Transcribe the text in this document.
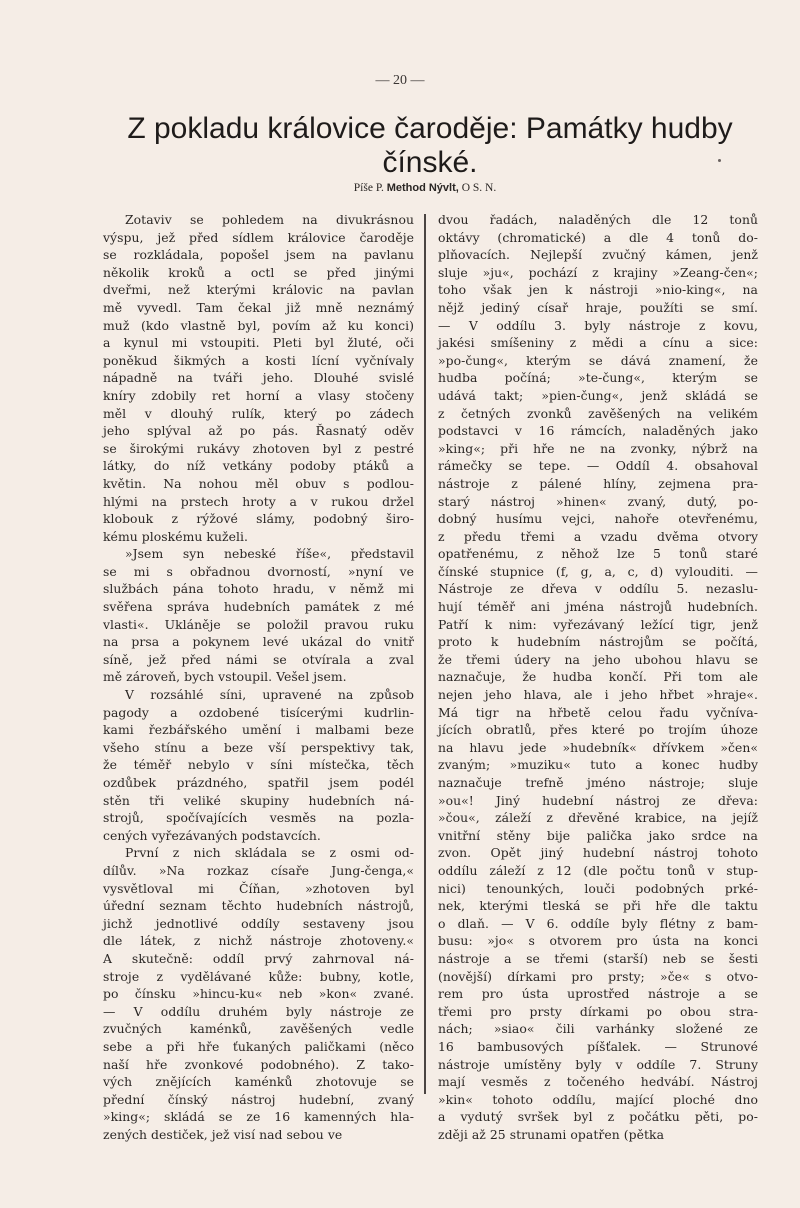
— 20 —
Z pokladu královice čaroděje: Památky hudby
čínské.
Píše P. Method Nývlt, O S. N.

Zotaviv se pohledem na divukrásnou
výspu, jež před sídlem královice čaroděje
se rozkládala, popošel jsem na pavlanu
několik kroků a octl se před jinými
dveřmi, než kterými královic na pavlan
mě vyvedl. Tam čekal již mně neznámý
muž (kdo vlastně byl, povím až ku konci)
a kynul mi vstoupiti. Pleti byl žluté, oči
poněkud šikmých a kosti lícní vyčnívaly
nápadně na tváři jeho. Dlouhé svislé
kníry zdobily ret horní a vlasy stočeny
měl v dlouhý rulík, který po zádech
jeho splýval až po pás. Řasnatý oděv
se širokými rukávy zhotoven byl z pestré
látky, do níž vetkány podoby ptáků a
květin. Na nohou měl obuv s podlou-
hlými na prstech hroty a v rukou držel
klobouk z rýžové slámy, podobný širo-
kému ploskému kuželi.

»Jsem syn nebeské říše«, představil
se mi s obřadnou dvorností, »nyní ve
službách pána tohoto hradu, v němž mi
svěřena správa hudebních památek z mé
vlasti«. Ukláněje se položil pravou ruku
na prsa a pokynem levé ukázal do vnitř
síně, jež před námi se otvírala a zval
mě zároveň, bych vstoupil. Vešel jsem.

V rozsáhlé síni, upravené na způsob
pagody a ozdobené tisícerými kudrlin-
kami řezbářského umění i malbami beze
všeho stínu a beze vší perspektivy tak,
že téměř nebylo v síni místečka, těch
ozdůbek prázdného, spatřil jsem podél
stěn tři veliké skupiny hudebních ná-
strojů, spočívajících vesměs na pozla-
cených vyřezávaných podstavcích.

První z nich skládala se z osmi od-
dílův. »Na rozkaz císaře Jung-čenga,«
vysvětloval mi Číňan, »zhotoven byl
úřední seznam těchto hudebních nástrojů,
jichž jednotlivé oddíly sestaveny jsou
dle látek, z nichž nástroje zhotoveny.«
A skutečně: oddíl prvý zahrnoval ná-
stroje z vydělávané kůže: bubny, kotle,
po čínsku »hincu-ku« neb »kon« zvané.
— V oddílu druhém byly nástroje ze
zvučných kaménků, zavěšených vedle
sebe a při hře ťukaných paličkami (něco
naší hře zvonkové podobného). Z tako-
vých znějících kaménků zhotovuje se
přední čínský nástroj hudební, zvaný
»king«; skládá se ze 16 kamenných hla-
zených destiček, jež visí nad sebou ve

dvou řadách, naladěných dle 12 tonů
oktávy (chromatické) a dle 4 tonů do-
plňovacích. Nejlepší zvučný kámen, jenž
sluje »ju«, pochází z krajiny »Zeang-čen«;
toho však jen k nástroji »nio-king«, na
nějž jediný císař hraje, použíti se smí.
— V oddílu 3. byly nástroje z kovu,
jakési smíšeniny z mědi a cínu a sice:
»po-čung«, kterým se dává znamení, že
hudba počíná; »te-čung«, kterým se
udává takt; »pien-čung«, jenž skládá se
z četných zvonků zavěšených na velikém
podstavci v 16 rámcích, naladěných jako
»king«; při hře ne na zvonky, nýbrž na
rámečky se tepe. — Oddíl 4. obsahoval
nástroje z pálené hlíny, zejmena pra-
starý nástroj »hinen« zvaný, dutý, po-
dobný husímu vejci, nahoře otevřenému,
z předu třemi a vzadu dvěma otvory
opatřenému, z něhož lze 5 tonů staré
čínské stupnice (f, g, a, c, d) vylouditi. —
Nástroje ze dřeva v oddílu 5. nezaslu-
hují téměř ani jména nástrojů hudebních.
Patří k nim: vyřezávaný ležící tigr, jenž
proto k hudebním nástrojům se počítá,
že třemi údery na jeho ubohou hlavu se
naznačuje, že hudba končí. Při tom ale
nejen jeho hlava, ale i jeho hřbet »hraje«.
Má tigr na hřbetě celou řadu vyčníva-
jících obratlů, přes které po trojím úhoze
na hlavu jede »hudebník« dřívkem »čen«
zvaným; »muziku« tuto a konec hudby
naznačuje trefně jméno nástroje; sluje
»ou«! Jiný hudební nástroj ze dřeva:
»čou«, záleží z dřevěné krabice, na jejíž
vnitřní stěny bije palička jako srdce na
zvon. Opět jiný hudební nástroj tohoto
oddílu záleží z 12 (dle počtu tonů v stup-
nici) tenounkých, louči podobných prké-
nek, kterými tleská se při hře dle taktu
o dlaň. — V 6. oddíle byly flétny z bam-
busu: »jo« s otvorem pro ústa na konci
nástroje a se třemi (starší) neb se šesti
(novější) dírkami pro prsty; »če« s otvo-
rem pro ústa uprostřed nástroje a se
třemi pro prsty dírkami po obou stra-
nách; »siao« čili varhánky složené ze
16 bambusových píšťalek. — Strunové
nástroje umístěny byly v oddíle 7. Struny
mají vesměs z točeného hedvábí. Nástroj
»kin« tohoto oddílu, mající ploché dno
a vydutý svršek byl z počátku pěti, po-
zději až 25 strunami opatřen (pětka
